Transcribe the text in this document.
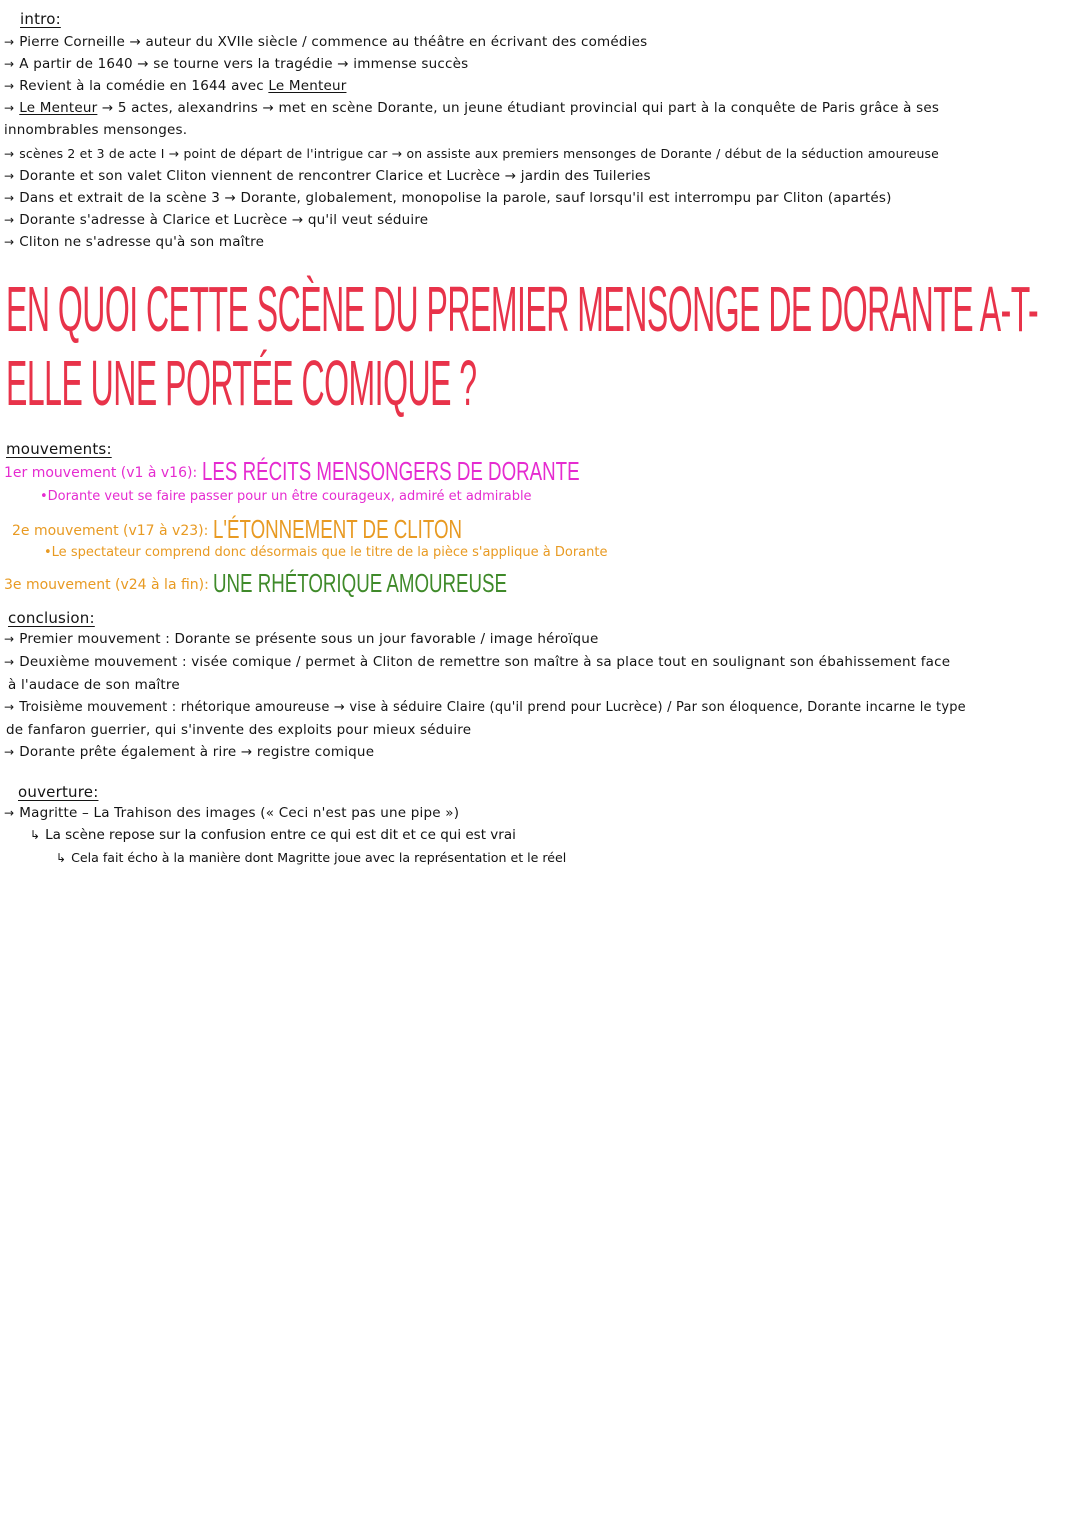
intro:
→ Pierre Corneille → auteur du XVIIe siècle / commence au théâtre en écrivant des comédies
→ A partir de 1640 → se tourne vers la tragédie → immense succès
→ Revient à la comédie en 1644 avec Le Menteur
→ Le Menteur → 5 actes, alexandrins → met en scène Dorante, un jeune étudiant provincial qui part à la conquête de Paris grâce à ses
innombrables mensonges.
→ scènes 2 et 3 de acte I → point de départ de l'intrigue car → on assiste aux premiers mensonges de Dorante / début de la séduction amoureuse
→ Dorante et son valet Cliton viennent de rencontrer Clarice et Lucrèce → jardin des Tuileries
→ Dans et extrait de la scène 3 → Dorante, globalement, monopolise la parole, sauf lorsqu'il est interrompu par Cliton (apartés)
→ Dorante s'adresse à Clarice et Lucrèce → qu'il veut séduire
→ Cliton ne s'adresse qu'à son maître
EN QUOI CETTE SCÈNE DU PREMIER MENSONGE DE DORANTE A-T-
ELLE UNE PORTÉE COMIQUE ?
mouvements:
1er mouvement (v1 à v16): LES RÉCITS MENSONGERS DE DORANTE
•Dorante veut se faire passer pour un être courageux, admiré et admirable
2e mouvement (v17 à v23): L'ÉTONNEMENT DE CLITON
•Le spectateur comprend donc désormais que le titre de la pièce s'applique à Dorante
3e mouvement (v24 à la fin): UNE RHÉTORIQUE AMOUREUSE
conclusion:
→ Premier mouvement : Dorante se présente sous un jour favorable / image héroïque
→ Deuxième mouvement : visée comique / permet à Cliton de remettre son maître à sa place tout en soulignant son ébahissement face
à l'audace de son maître
→ Troisième mouvement : rhétorique amoureuse → vise à séduire Claire (qu'il prend pour Lucrèce) / Par son éloquence, Dorante incarne le type
de fanfaron guerrier, qui s'invente des exploits pour mieux séduire
→ Dorante prête également à rire → registre comique
ouverture:
→ Magritte – La Trahison des images (« Ceci n'est pas une pipe »)
↳ La scène repose sur la confusion entre ce qui est dit et ce qui est vrai
↳ Cela fait écho à la manière dont Magritte joue avec la représentation et le réel
